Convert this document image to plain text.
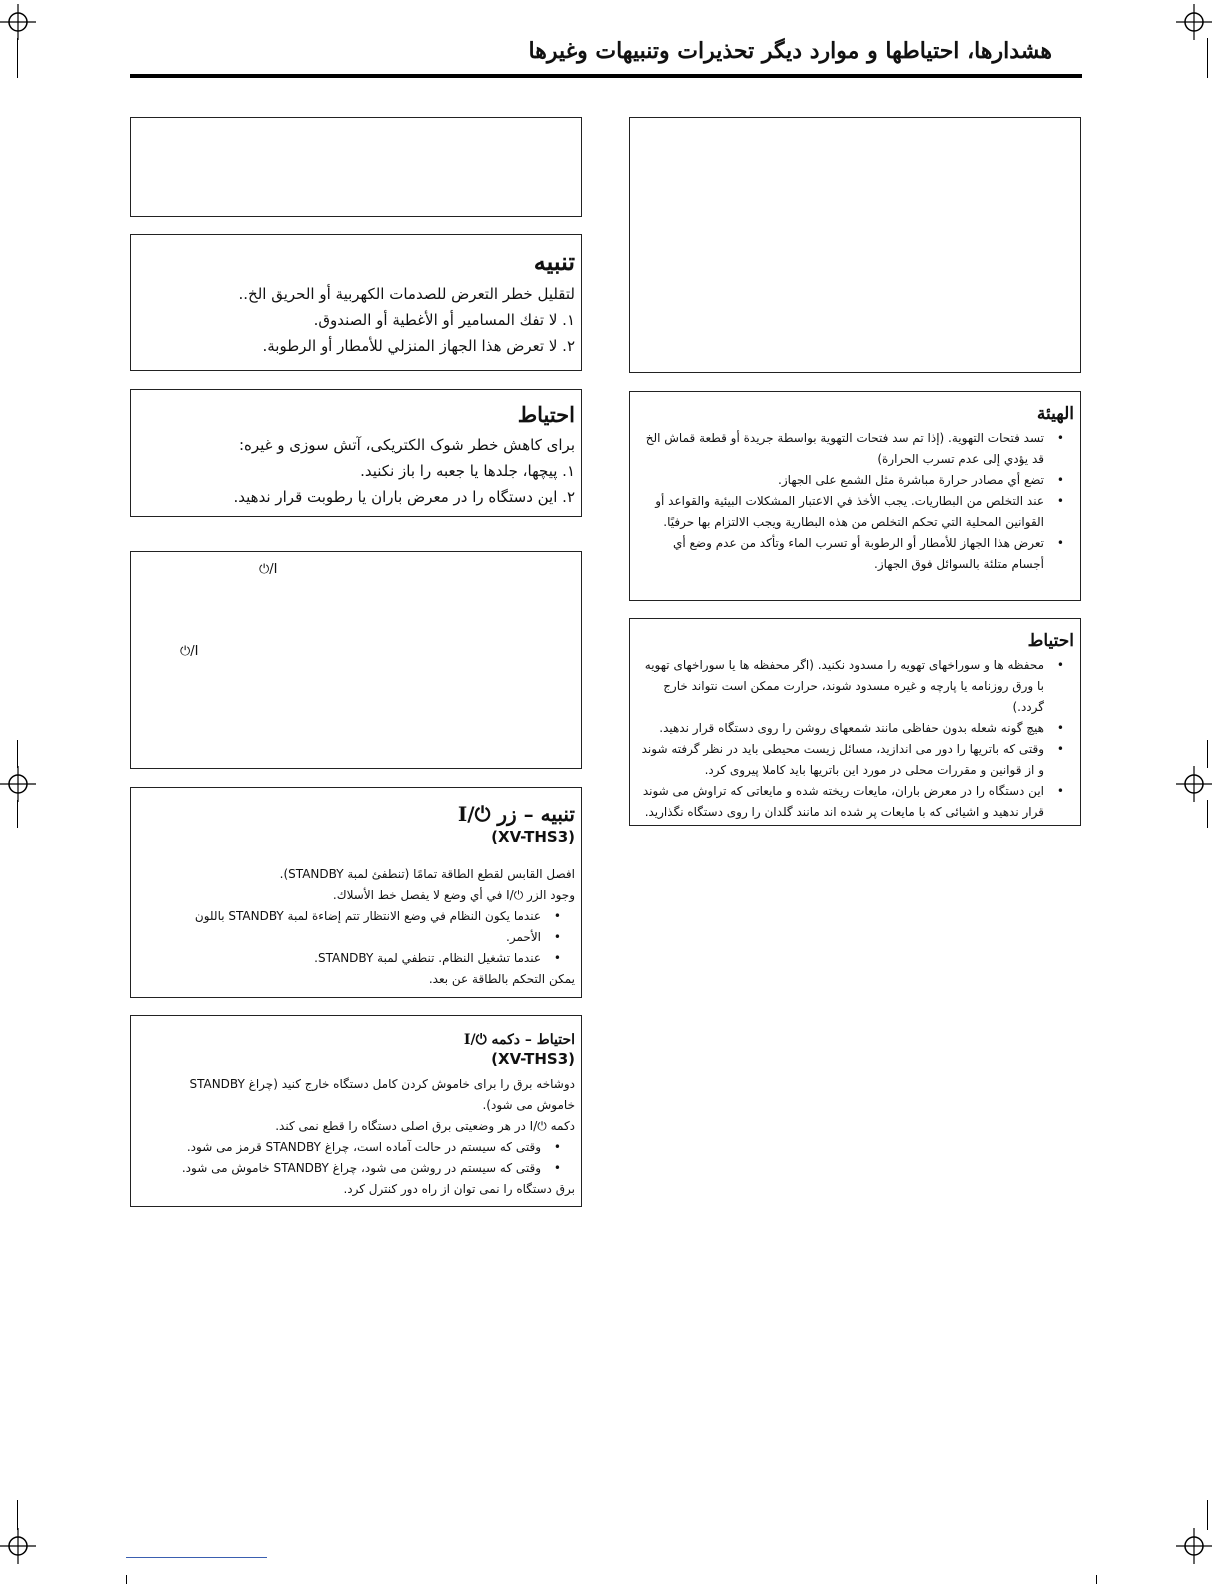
هشدارها، احتیاطها و موارد دیگر تحذيرات وتنبيهات وغيرها
تنبيه

لتقليل خطر التعرض للصدمات الكهربية أو الحريق الخ..

١. لا تفك المسامير أو الأغطية أو الصندوق.

٢. لا تعرض هذا الجهاز المنزلي للأمطار أو الرطوبة.

احتياط

برای کاهش خطر شوک الکتریکی، آتش سوزی و غیره:

١. پیچها، جلدها یا جعبه را باز نکنید.

٢. این دستگاه را در معرض باران یا رطوبت قرار ندهید.

⏻/I
⏻/I
تنبيه – زر ⏻/I
(XV-THS3)

افصل القابس لقطع الطاقة تمامًا (تنطفئ لمبة STANDBY).

وجود الزر ⏻/I في أي وضع لا يفصل خط الأسلاك.

• عندما يكون النظام في وضع الانتظار تتم إضاءة لمبة STANDBY باللون
• الأحمر.
• عندما تشغيل النظام. تنطفي لمبة STANDBY.

يمكن التحكم بالطاقة عن بعد.

احتیاط – دکمه ⏻/I
(XV-THS3)

دوشاخه برق را برای خاموش کردن کامل دستگاه خارج کنید (چراغ STANDBY

خاموش می شود).

دکمه ⏻/I در هر وضعیتی برق اصلی دستگاه را قطع نمی کند.

• وقتی که سیستم در حالت آماده است، چراغ STANDBY قرمز می شود.
• وقتی که سیستم در روشن می شود، چراغ STANDBY خاموش می شود.

برق دستگاه را نمی توان از راه دور کنترل کرد.

الهيئة
• تسد فتحات التهوية. (إذا تم سد فتحات التهوية بواسطة جريدة أو قطعة قماش الخ قد يؤدي إلى عدم تسرب الحرارة)
• تضع أي مصادر حرارة مباشرة مثل الشمع على الجهاز.
• عند التخلص من البطاريات. يجب الأخذ في الاعتبار المشكلات البيئية والقواعد أو القوانين المحلية التي تحكم التخلص من هذه البطارية ويجب الالتزام بها حرفيًا.
• تعرض هذا الجهاز للأمطار أو الرطوبة أو تسرب الماء وتأكد من عدم وضع أي أجسام متلئة بالسوائل فوق الجهاز.
احتياط
• محفظه ها و سوراخهای تهویه را مسدود نکنید. (اگر محفظه ها یا سوراخهای تهویه با ورق روزنامه یا پارچه و غیره مسدود شوند، حرارت ممکن است نتواند خارج گردد.)
• هیچ گونه شعله بدون حفاظی مانند شمعهای روشن را روی دستگاه قرار ندهید.
• وقتی که باتریها را دور می اندازید، مسائل زیست محیطی باید در نظر گرفته شوند و از قوانین و مقررات محلی در مورد این باتریها باید کاملا پیروی کرد.
• این دستگاه را در معرض باران، مایعات ریخته شده و مایعاتی که تراوش می شوند قرار ندهید و اشیائی که با مایعات پر شده اند مانند گلدان را روی دستگاه نگذارید.
